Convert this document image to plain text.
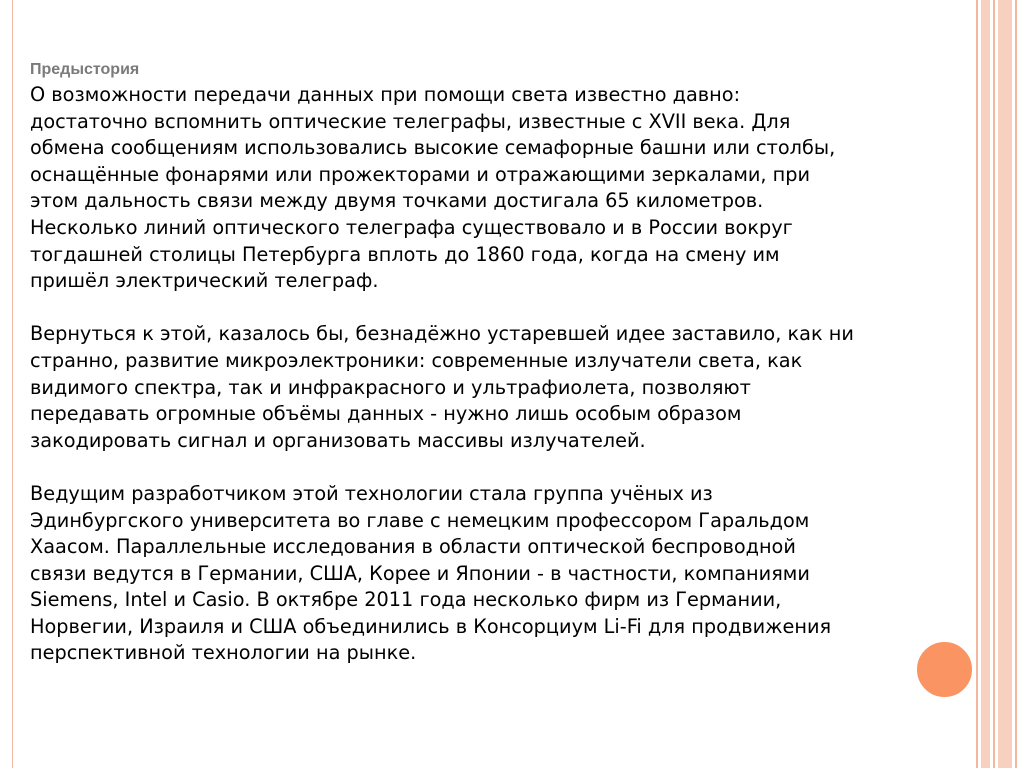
Предыстория

О возможности передачи данных при помощи света известно давно:
достаточно вспомнить оптические телеграфы, известные с XVII века. Для
обмена сообщениям использовались высокие семафорные башни или столбы,
оснащённые фонарями или прожекторами и отражающими зеркалами, при
этом дальность связи между двумя точками достигала 65 километров.
Несколько линий оптического телеграфа существовало и в России вокруг
тогдашней столицы Петербурга вплоть до 1860 года, когда на смену им
пришёл электрический телеграф.

Вернуться к этой, казалось бы, безнадёжно устаревшей идее заставило, как ни
странно, развитие микроэлектроники: современные излучатели света, как
видимого спектра, так и инфракрасного и ультрафиолета, позволяют
передавать огромные объёмы данных - нужно лишь особым образом
закодировать сигнал и организовать массивы излучателей.

Ведущим разработчиком этой технологии стала группа учёных из
Эдинбургского университета во главе с немецким профессором Гаральдом
Хаасом. Параллельные исследования в области оптической беспроводной
связи ведутся в Германии, США, Корее и Японии - в частности, компаниями
Siemens, Intel и Casio. В октябре 2011 года несколько фирм из Германии,
Норвегии, Израиля и США объединились в Консорциум Li-Fi для продвижения
перспективной технологии на рынке.
